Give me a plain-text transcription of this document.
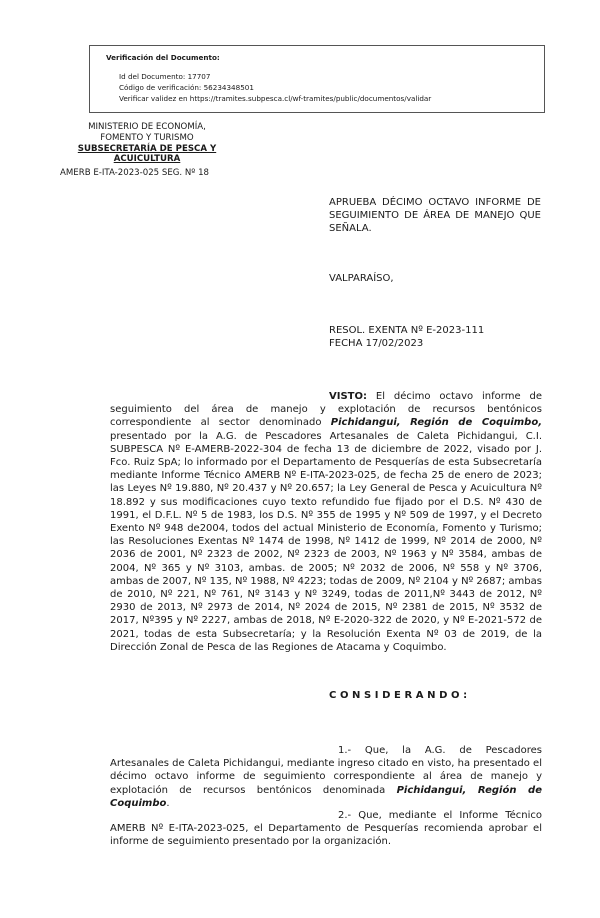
Verificación del Documento:
• Id del Documento: 17707
• Código de verificación: 56234348501
• Verificar validez en https://tramites.subpesca.cl/wf-tramites/public/documentos/validar
MINISTERIO DE ECONOMÍA,
FOMENTO Y TURISMO
SUBSECRETARÍA DE PESCA Y ACUICULTURA
AMERB E-ITA-2023-025 SEG. Nº 18
APRUEBA DÉCIMO OCTAVO INFORME DE SEGUIMIENTO DE ÁREA DE MANEJO QUE SEÑALA.
VALPARAÍSO,
RESOL. EXENTA Nº E-2023-111
FECHA 17/02/2023

VISTO: El décimo octavo informe de seguimiento del área de manejo y explotación de recursos bentónicos correspondiente al sector denominado Pichidangui, Región de Coquimbo, presentado por la A.G. de Pescadores Artesanales de Caleta Pichidangui, C.I. SUBPESCA Nº E-AMERB-2022-304 de fecha 13 de diciembre de 2022, visado por J. Fco. Ruiz SpA; lo informado por el Departamento de Pesquerías de esta Subsecretaría mediante Informe Técnico AMERB Nº E-ITA-2023-025, de fecha 25 de enero de 2023; las Leyes Nº 19.880, Nº 20.437 y Nº 20.657; la Ley General de Pesca y Acuicultura Nº 18.892 y sus modificaciones cuyo texto refundido fue fijado por el D.S. Nº 430 de 1991, el D.F.L. Nº 5 de 1983, los D.S. Nº 355 de 1995 y Nº 509 de 1997, y el Decreto Exento Nº 948 de2004, todos del actual Ministerio de Economía, Fomento y Turismo; las Resoluciones Exentas Nº 1474 de 1998, Nº 1412 de 1999, Nº 2014 de 2000, Nº 2036 de 2001, Nº 2323 de 2002, Nº 2323 de 2003, Nº 1963 y Nº 3584, ambas de 2004, Nº 365 y Nº 3103, ambas. de 2005; Nº 2032 de 2006, Nº 558 y Nº 3706, ambas de 2007, Nº 135, Nº 1988, Nº 4223; todas de 2009, Nº 2104 y Nº 2687; ambas de 2010, Nº 221, Nº 761, Nº 3143 y Nº 3249, todas de 2011,Nº 3443 de 2012, Nº 2930 de 2013, Nº 2973 de 2014, Nº 2024 de 2015, Nº 2381 de 2015, Nº 3532 de 2017, Nº395 y Nº 2227, ambas de 2018, Nº E-2020-322 de 2020, y Nº E-2021-572 de 2021, todas de esta Subsecretaría; y la Resolución Exenta Nº 03 de 2019, de la Dirección Zonal de Pesca de las Regiones de Atacama y Coquimbo.

CONSIDERANDO:

1.- Que, la A.G. de Pescadores Artesanales de Caleta Pichidangui, mediante ingreso citado en visto, ha presentado el décimo octavo informe de seguimiento correspondiente al área de manejo y explotación de recursos bentónicos denominada Pichidangui, Región de Coquimbo.

2.- Que, mediante el Informe Técnico AMERB Nº E-ITA-2023-025, el Departamento de Pesquerías recomienda aprobar el informe de seguimiento presentado por la organización.
